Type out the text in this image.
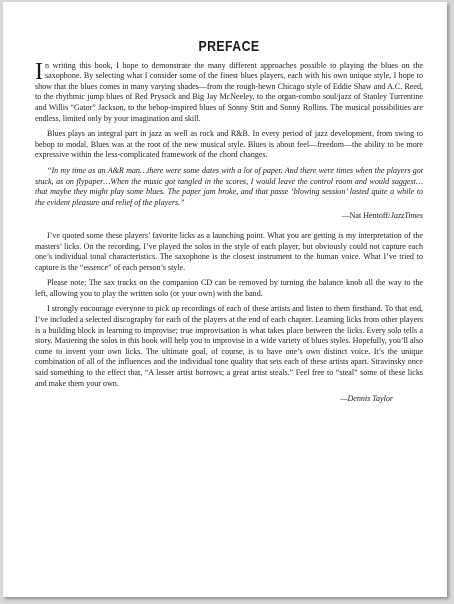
PREFACE

In writing this book, I hope to demonstrate the many different approaches possible to playing the blues on the saxophone. By selecting what I consider some of the finest blues players, each with his own unique style, I hope to show that the blues comes in many varying shades—from the rough-hewn Chicago style of Eddie Shaw and A.C. Reed, to the rhythmic jump blues of Red Prysock and Big Jay McNeeley, to the organ-combo soul/jazz of Stanley Turrentine and Willis “Gator” Jackson, to the bebop-inspired blues of Sonny Stitt and Sonny Rollins. The musical possibilities are endless, limited only by your imagination and skill.

Blues plays an integral part in jazz as well as rock and R&B. In every period of jazz development, from swing to bebop to modal, Blues was at the root of the new musical style. Blues is about feel—freedom—the ability to be more expressive within the less-complicated framework of the chord changes.

“In my time as an A&R man…there were some dates with a lot of paper. And there were times when the players got stuck, as on flypaper…When the music got tangled in the scores, I would leave the control room and would suggest…that maybe they might play some blues. The paper jam broke, and that passe ‘blowing session’ lasted quite a while to the evident pleasure and relief of the players.”

—Nat Hentoff/JazzTimes

I’ve quoted some these players’ favorite licks as a launching point. What you are getting is my interpretation of the masters’ licks. On the recording, I’ve played the solos in the style of each player, but obviously could not capture each one’s individual tonal characteristics. The saxophone is the closest instrument to the human voice. What I’ve tried to capture is the “essence” of each person’s style.

Please note: The sax tracks on the companion CD can be removed by turning the balance knob all the way to the left, allowing you to play the written solo (or your own) with the band.

I strongly encourage everyone to pick up recordings of each of these artists and listen to them firsthand. To that end, I’ve included a selected discography for each of the players at the end of each chapter. Learning licks from other players is a building block in learning to improvise; true improvisation is what takes place between the licks. Every solo tells a story. Mastering the solos in this book will help you to improvise in a wide variety of blues styles. Hopefully, you’ll also come to invent your own licks. The ultimate goal, of course, is to have one’s own distinct voice. It’s the unique combination of all of the influences and the individual tone quality that sets each of these artists apart. Stravinsky once said something to the effect that, “A lesser artist borrows; a great artist steals.” Feel free to “steal” some of these licks and make them your own.

—Dennis Taylor
